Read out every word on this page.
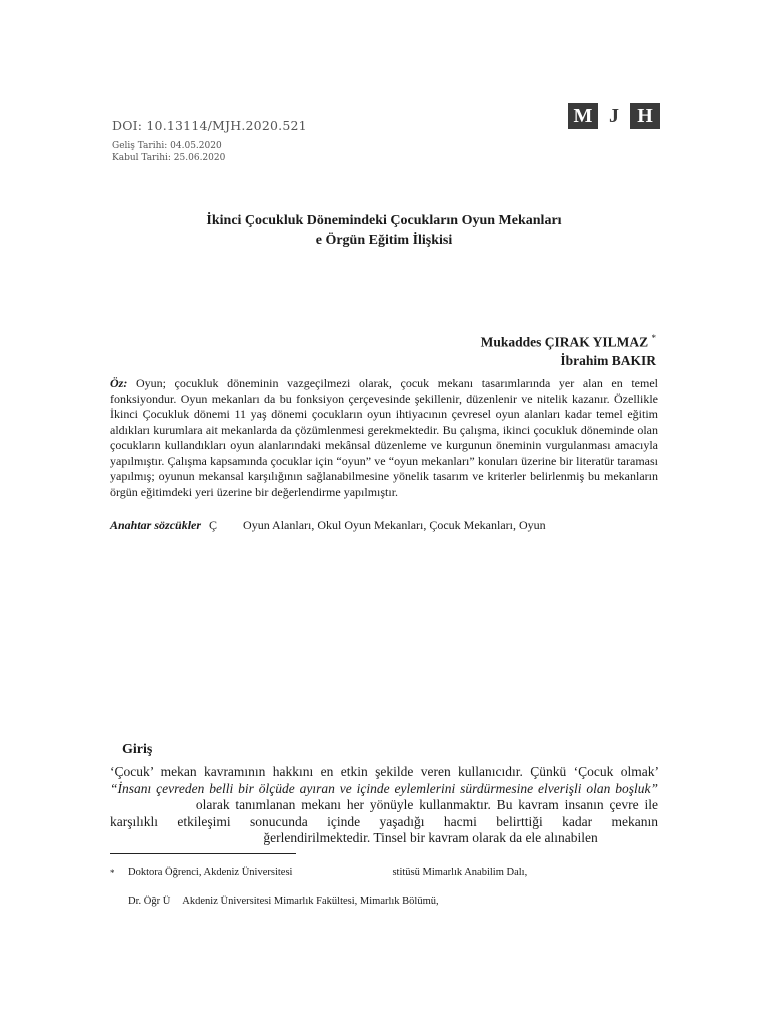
DOI: 10.13114/MJH.2020.521
Geliş Tarihi: 04.05.2020
Kabul Tarihi: 25.06.2020
M J H
İkinci Çocukluk Dönemindeki Çocukların Oyun Mekanları
e Örgün Eğitim İlişkisi
Mukaddes ÇIRAK YILMAZ *
İbrahim BAKIR

Öz: Oyun; çocukluk döneminin vazgeçilmezi olarak, çocuk mekanı tasarımlarında yer alan en temel fonksiyondur. Oyun mekanları da bu fonksiyon çerçevesinde şekillenir, düzenlenir ve nitelik kazanır. Özellikle İkinci Çocukluk dönemi 11 yaş dönemi çocukların oyun ihtiyacının çevresel oyun alanları kadar temel eğitim aldıkları kurumlara ait mekanlarda da çözümlenmesi gerekmektedir. Bu çalışma, ikinci çocukluk döneminde olan çocukların kullandıkları oyun alanlarındaki mekânsal düzenleme ve kurgunun öneminin vurgulanması amacıyla yapılmıştır. Çalışma kapsamında çocuklar için “oyun” ve “oyun mekanları” konuları üzerine bir literatür taraması yapılmış; oyunun mekansal karşılığının sağlanabilmesine yönelik tasarım ve kriterler belirlenmiş bu mekanların örgün eğitimdeki yeri üzerine bir değerlendirme yapılmıştır.

Anahtar sözcükler Ç Oyun Alanları, Okul Oyun Mekanları, Çocuk Mekanları, Oyun
Giriş

‘Çocuk’ mekan kavramının hakkını en etkin şekilde veren kullanıcıdır. Çünkü ‘Çocuk olmak’ “İnsanı çevreden belli bir ölçüde ayıran ve içinde eylemlerini sürdürmesine elverişli olan boşluk”  olarak tanımlanan mekanı her yönüyle kullanmaktır. Bu kavram insanın çevre ile karşılıklı etkileşimi sonucunda içinde yaşadığı hacmi belirttiği kadar mekanın  ğerlendirilmektedir. Tinsel bir kavram olarak da ele alınabilen

*	Doktora Öğrenci, Akdeniz Üniversitesi	stitüsü Mimarlık Anabilim Dalı,
Dr. Öğr Ü Akdeniz Üniversitesi Mimarlık Fakültesi, Mimarlık Bölümü,
